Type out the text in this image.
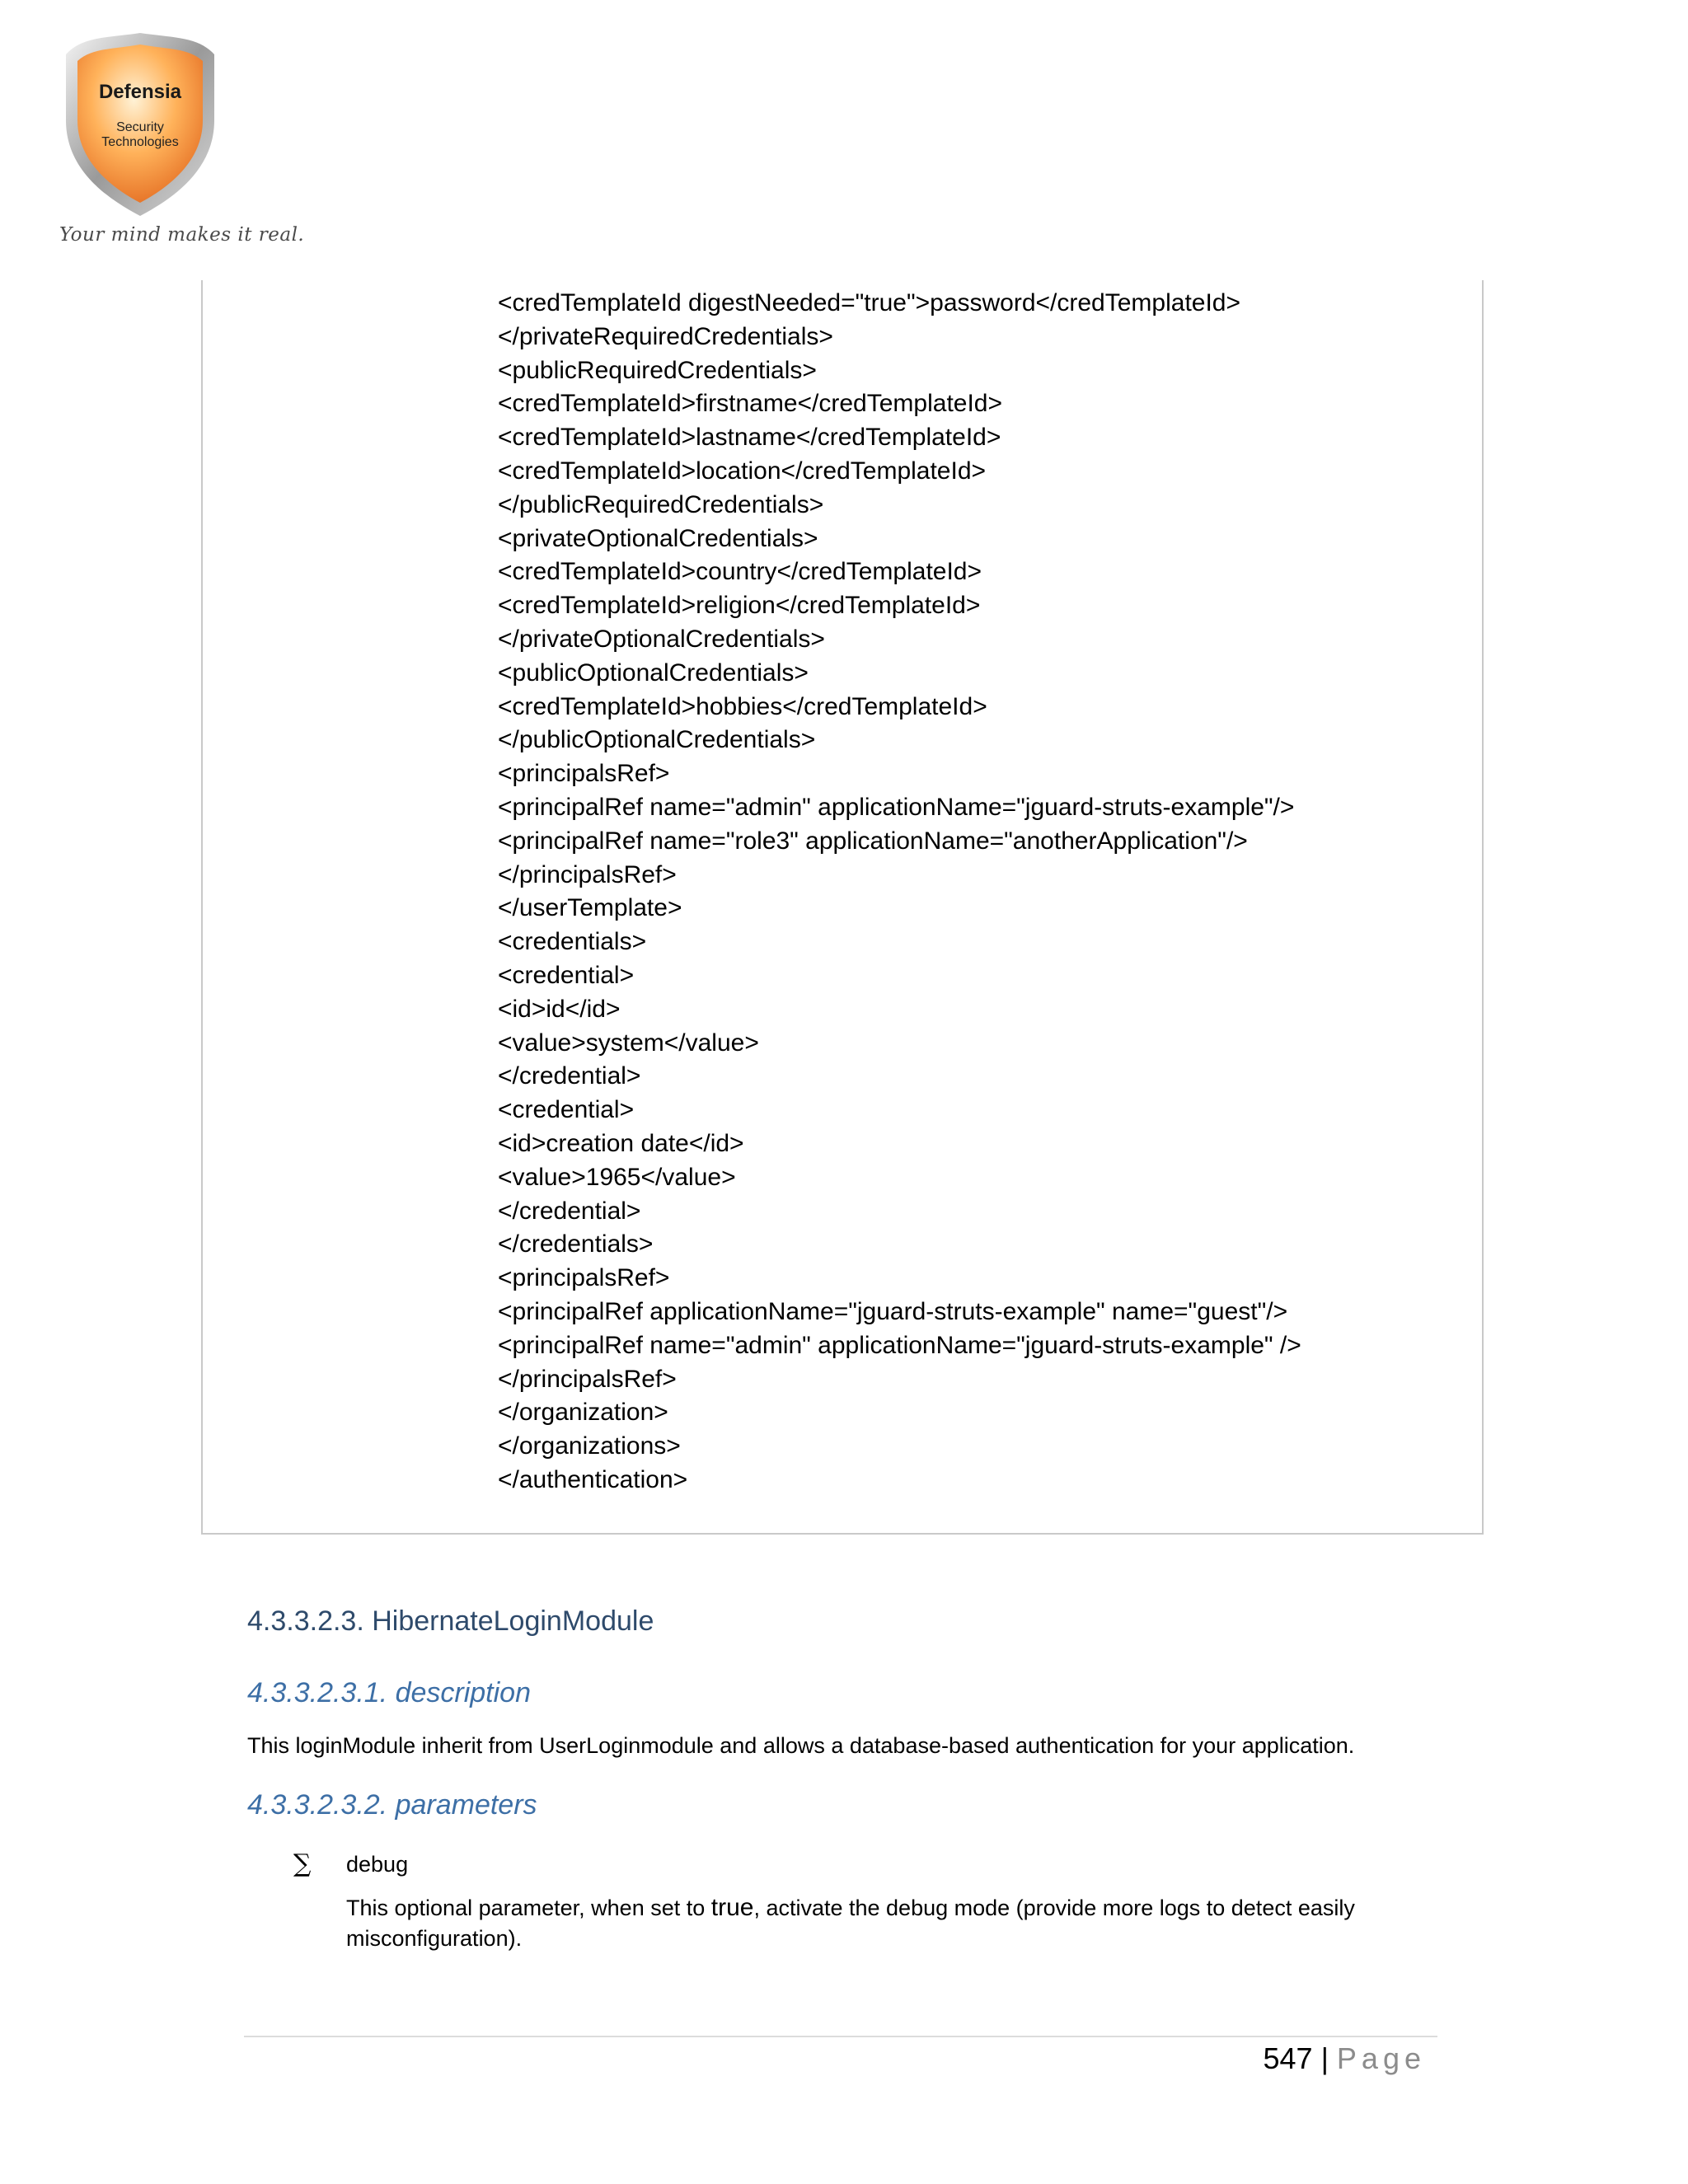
Defensia
Security
Technologies
Your mind makes it real.
<credTemplateId digestNeeded="true">password</credTemplateId>
</privateRequiredCredentials>
<publicRequiredCredentials>
<credTemplateId>firstname</credTemplateId>
<credTemplateId>lastname</credTemplateId>
<credTemplateId>location</credTemplateId>
</publicRequiredCredentials>
<privateOptionalCredentials>
<credTemplateId>country</credTemplateId>
<credTemplateId>religion</credTemplateId>
</privateOptionalCredentials>
<publicOptionalCredentials>
<credTemplateId>hobbies</credTemplateId>
</publicOptionalCredentials>
<principalsRef>
<principalRef name="admin" applicationName="jguard-struts-example"/>
<principalRef name="role3" applicationName="anotherApplication"/>
</principalsRef>
</userTemplate>
<credentials>
<credential>
<id>id</id>
<value>system</value>
</credential>
<credential>
<id>creation date</id>
<value>1965</value>
</credential>
</credentials>
<principalsRef>
<principalRef applicationName="jguard-struts-example" name="guest"/>
<principalRef name="admin" applicationName="jguard-struts-example" />
</principalsRef>
</organization>
</organizations>
</authentication>
4.3.3.2.3. HibernateLoginModule
4.3.3.2.3.1. description

This loginModule inherit from UserLoginmodule and allows a database-based authentication for your application.

4.3.3.2.3.2. parameters
∑ debug

This optional parameter, when set to true, activate the debug mode (provide more logs to detect easily misconfiguration).

547 | Page
